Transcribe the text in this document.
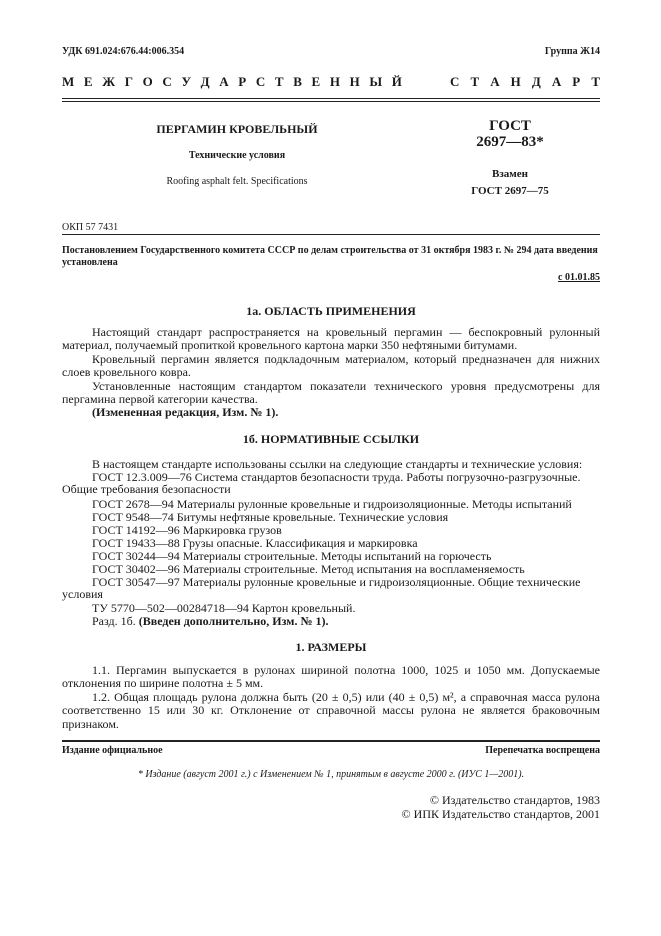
УДК 691.024:676.44:006.354	Группа Ж14
М Е Ж Г О С У Д А Р С Т В Е Н Н Ы Й	С Т А Н Д А Р Т
ПЕРГАМИН КРОВЕЛЬНЫЙ
Технические условия
Roofing asphalt felt. Specifications
ГОСТ
2697—83*
Взамен
ГОСТ 2697—75
ОКП 57 7431
Постановлением Государственного комитета СССР по делам строительства от 31 октября 1983 г. № 294 дата введения установлена
с 01.01.85
1а. ОБЛАСТЬ ПРИМЕНЕНИЯ
Настоящий стандарт распространяется на кровельный пергамин — беспокровный рулонный материал, получаемый пропиткой кровельного картона марки 350 нефтяными битумами.
Кровельный пергамин является подкладочным материалом, который предназначен для нижних слоев кровельного ковра.
Установленные настоящим стандартом показатели технического уровня предусмотрены для пергамина первой категории качества.
(Измененная редакция, Изм. № 1).
1б. НОРМАТИВНЫЕ ССЫЛКИ
В настоящем стандарте использованы ссылки на следующие стандарты и технические условия:
ГОСТ 12.3.009—76 Система стандартов безопасности труда. Работы погрузочно-разгрузочные. Общие требования безопасности
ГОСТ 2678—94 Материалы рулонные кровельные и гидроизоляционные. Методы испытаний
ГОСТ 9548—74 Битумы нефтяные кровельные. Технические условия
ГОСТ 14192—96 Маркировка грузов
ГОСТ 19433—88 Грузы опасные. Классификация и маркировка
ГОСТ 30244—94 Материалы строительные. Методы испытаний на горючесть
ГОСТ 30402—96 Материалы строительные. Метод испытания на воспламеняемость
ГОСТ 30547—97 Материалы рулонные кровельные и гидроизоляционные. Общие технические условия
ТУ 5770—502—00284718—94 Картон кровельный.
Разд. 1б. (Введен дополнительно, Изм. № 1).
1. РАЗМЕРЫ
1.1. Пергамин выпускается в рулонах шириной полотна 1000, 1025 и 1050 мм. Допускаемые отклонения по ширине полотна ± 5 мм.
1.2. Общая площадь рулона должна быть (20 ± 0,5) или (40 ± 0,5) м², а справочная масса рулона соответственно 15 или 30 кг. Отклонение от справочной массы рулона не является браковочным признаком.
Издание официальное	Перепечатка воспрещена
* Издание (август 2001 г.) с Изменением № 1, принятым в августе 2000 г. (ИУС 1—2001).
© Издательство стандартов, 1983
© ИПК Издательство стандартов, 2001
